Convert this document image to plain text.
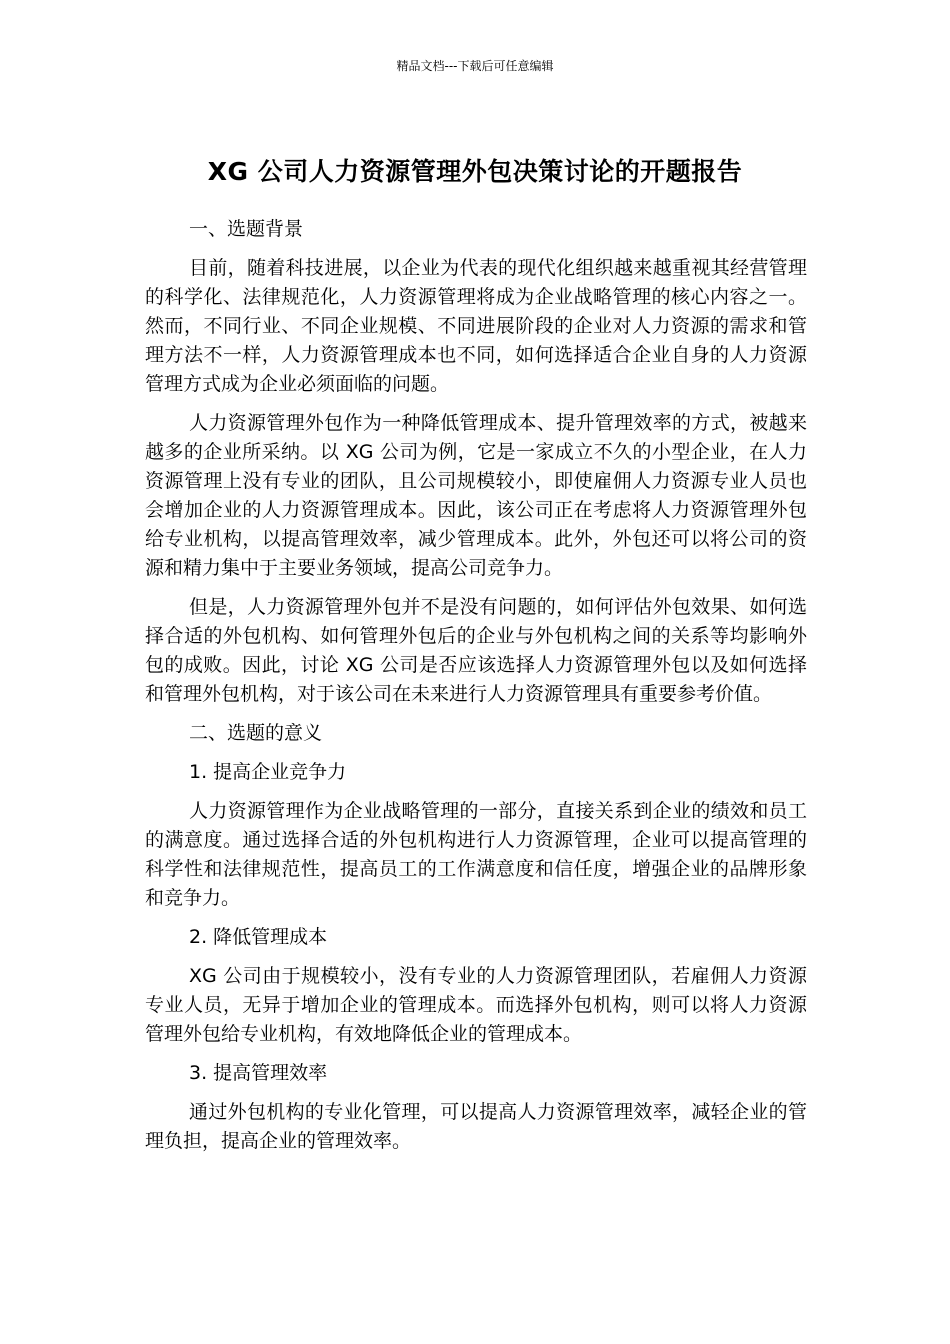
精品文档---下载后可任意编辑
XG 公司人力资源管理外包决策讨论的开题报告

一、选题背景

目前，随着科技进展，以企业为代表的现代化组织越来越重视其经营管理的科学化、法律规范化，人力资源管理将成为企业战略管理的核心内容之一。然而，不同行业、不同企业规模、不同进展阶段的企业对人力资源的需求和管理方法不一样，人力资源管理成本也不同，如何选择适合企业自身的人力资源管理方式成为企业必须面临的问题。

人力资源管理外包作为一种降低管理成本、提升管理效率的方式，被越来越多的企业所采纳。以 XG 公司为例，它是一家成立不久的小型企业，在人力资源管理上没有专业的团队，且公司规模较小，即使雇佣人力资源专业人员也会增加企业的人力资源管理成本。因此，该公司正在考虑将人力资源管理外包给专业机构，以提高管理效率，减少管理成本。此外，外包还可以将公司的资源和精力集中于主要业务领域，提高公司竞争力。

但是，人力资源管理外包并不是没有问题的，如何评估外包效果、如何选择合适的外包机构、如何管理外包后的企业与外包机构之间的关系等均影响外包的成败。因此，讨论 XG 公司是否应该选择人力资源管理外包以及如何选择和管理外包机构，对于该公司在未来进行人力资源管理具有重要参考价值。

二、选题的意义

1. 提高企业竞争力

人力资源管理作为企业战略管理的一部分，直接关系到企业的绩效和员工的满意度。通过选择合适的外包机构进行人力资源管理，企业可以提高管理的科学性和法律规范性，提高员工的工作满意度和信任度，增强企业的品牌形象和竞争力。

2. 降低管理成本

XG 公司由于规模较小，没有专业的人力资源管理团队，若雇佣人力资源专业人员，无异于增加企业的管理成本。而选择外包机构，则可以将人力资源管理外包给专业机构，有效地降低企业的管理成本。

3. 提高管理效率

通过外包机构的专业化管理，可以提高人力资源管理效率，减轻企业的管理负担，提高企业的管理效率。
